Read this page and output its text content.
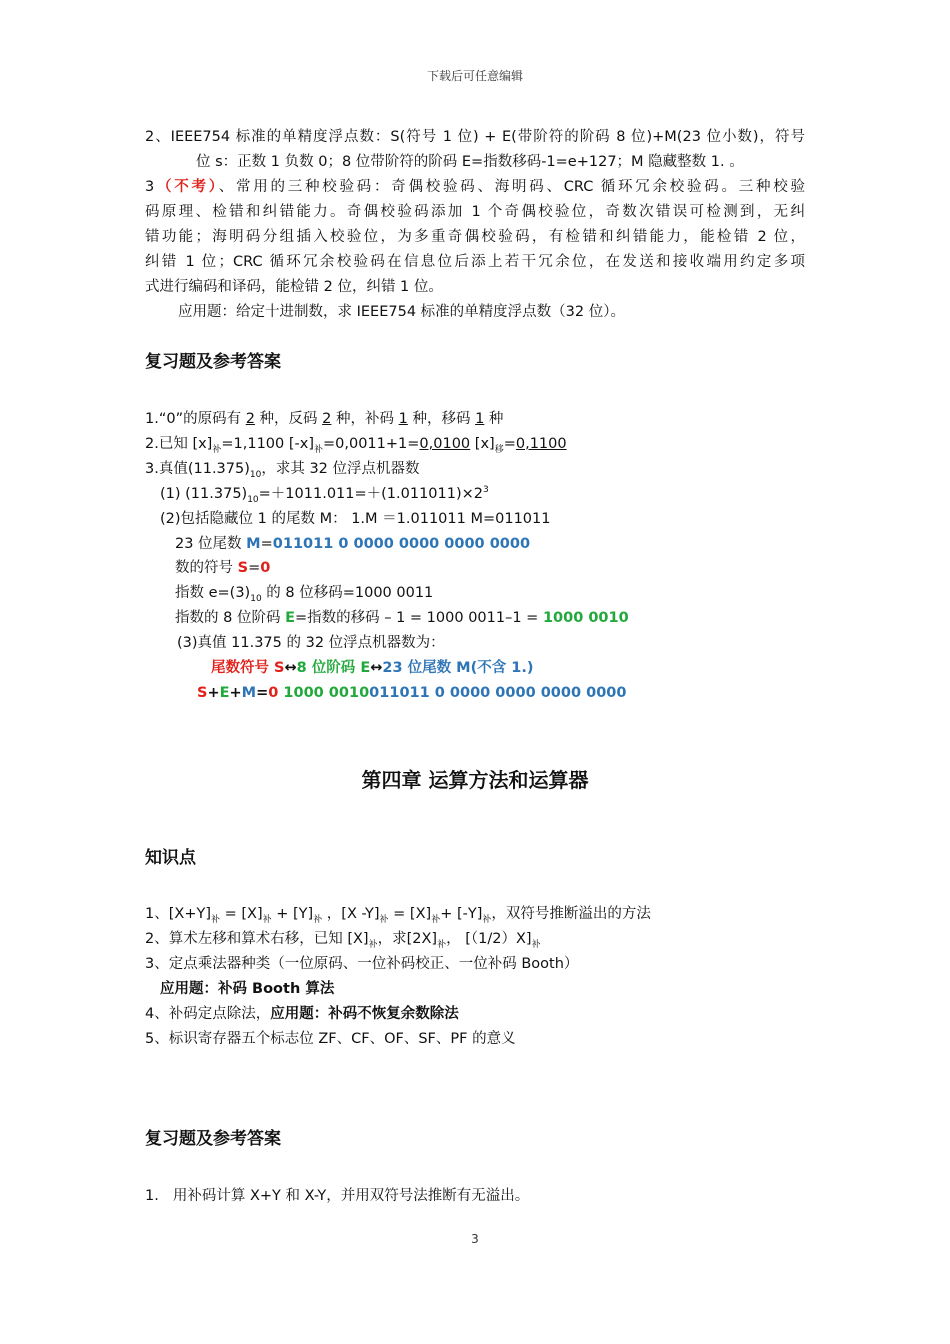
下载后可任意编辑
2、IEEE754 标准的单精度浮点数：S(符号 1 位) + E(带阶符的阶码 8 位)+M(23 位小数)，符号
位 s：正数 1 负数 0；8 位带阶符的阶码 E=指数移码-1=e+127；M 隐藏整数 1. 。
3（不考）、常用的三种校验码：奇偶校验码、海明码、CRC 循环冗余校验码。三种校验
码原理、检错和纠错能力。奇偶校验码添加 1 个奇偶校验位，奇数次错误可检测到，无纠
错功能；海明码分组插入校验位，为多重奇偶校验码，有检错和纠错能力，能检错 2 位，
纠错 1 位；CRC 循环冗余校验码在信息位后添上若干冗余位，在发送和接收端用约定多项
式进行编码和译码，能检错 2 位，纠错 1 位。
应用题：给定十进制数，求 IEEE754 标准的单精度浮点数（32 位）。
复习题及参考答案
1.“0”的原码有 2 种，反码 2 种，补码 1 种，移码 1 种
2.已知 $[x]_补=1,1100$ $[-x]_补=0,0011+1=0,0100$ $[x]_移=0,1100$
3.真值$(11.375)_{10}$，求其 32 位浮点机器数
(1) $(11.375)_{10}=+1011.011=+(1.011011)\times 2^3$
(2)包括隐藏位 1 的尾数 M： 1.M ＝1.011011 M=011011
23 位尾数 M=011011 0 0000 0000 0000 0000
数的符号 S=0
指数 $e=(3)_{10}$ 的 8 位移码=1000 0011
指数的 8 位阶码 E=指数的移码 – 1 = 1000 0011–1 = 1000 0010
(3)真值 11.375 的 32 位浮点机器数为：
尾数符号 S↔8 位阶码 E↔23 位尾数 M(不含 1.)
S+E+M=0 1000 0010011011 0 0000 0000 0000 0000
第四章 运算方法和运算器
知识点
1、$[X+Y]_补 = [X]_补 + [Y]_补$ ，[X $-Y]_补 = [X]_补+ [-Y]_补$，双符号推断溢出的方法
2、算术左移和算术右移，已知 $[X]_补$，求$[2X]_补$， $[(1/2)X]_补$
3、定点乘法器种类（一位原码、一位补码校正、一位补码 Booth）
应用题：补码 Booth 算法
4、补码定点除法，应用题：补码不恢复余数除法
5、标识寄存器五个标志位 ZF、CF、OF、SF、PF 的意义
复习题及参考答案
1. 用补码计算 X+Y 和 X-Y，并用双符号法推断有无溢出。
3
